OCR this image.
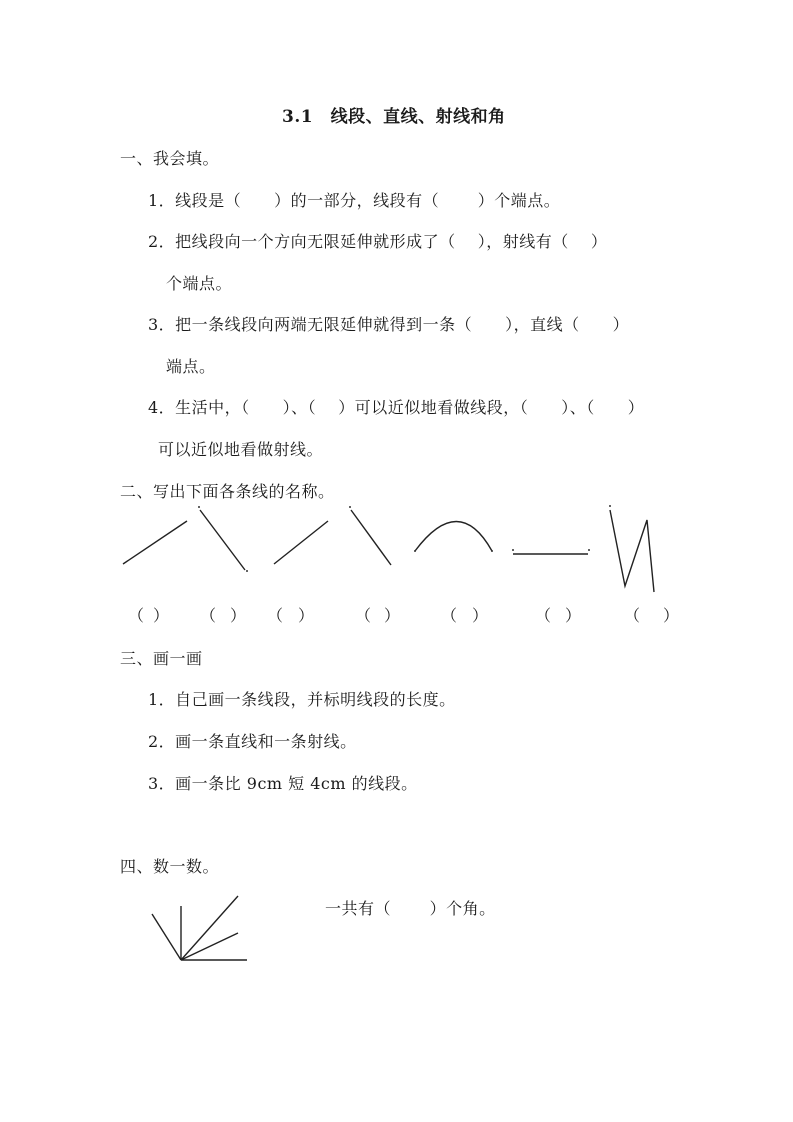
3.1　线段、直线、射线和角
一、我会填。
1．线段是（　　）的一部分，线段有（　　 ）个端点。
2．把线段向一个方向无限延伸就形成了（　 ），射线有（　 ）
个端点。
3．把一条线段向两端无限延伸就得到一条（　　），直线（　　）
端点。
4．生活中，（　　）、（　 ）可以近似地看做线段，（　　）、（　　）
可以近似地看做射线。
二、写出下面各条线的名称。
（ ） （ ） （ ）	（ ）	（ ）	（ ）	（ ）
三、画一画
1．自己画一条线段，并标明线段的长度。
2．画一条直线和一条射线。
3．画一条比 9cm 短 4cm 的线段。
四、数一数。
一共有（　　 ）个角。
